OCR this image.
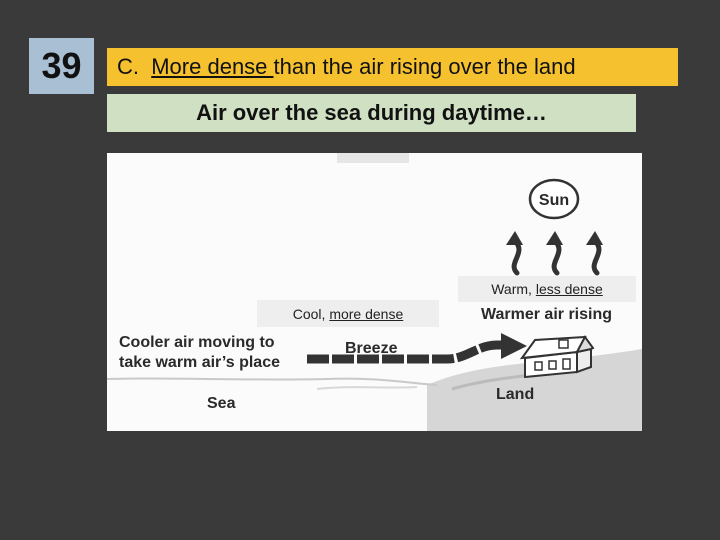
39	C. More dense than the air rising over the land
Air over the sea during daytime…
Sun
Warmer air rising
Cooler air moving to
take warm air’s place
Breeze
Sea
Land
Warm, less dense
Cool, more dense
